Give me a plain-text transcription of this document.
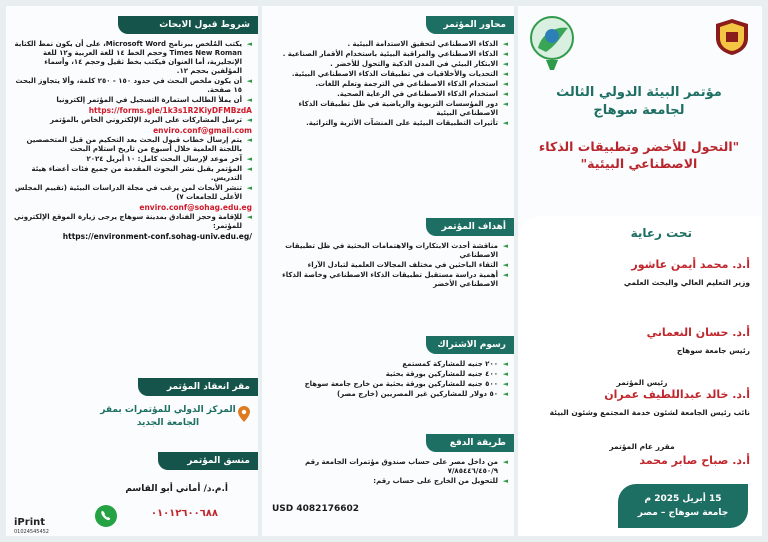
شروط قبول الابحاث
◄ يكتب المُلخص ببرنامج Microsoft Word، على أن يكون نمط الكتابة Times New Roman وحجم الخط ١٤ للغة العربية و١٢ للغة الإنجليزية، أما العنوان فيكتب بخط ثقيل وحجم ١٤، وأسماء المؤلفين بحجم ١٢.
◄ أن يكون ملخص البحث في حدود ١٥٠ - ٢٥٠ كلمة، وألا يتجاوز البحث ١٥ صفحة.
◄ أن يملأ الطالب استمارة التسجيل في المؤتمر إلكترونيا
https://forms.gle/1k3s1R2KiyDFMBzdA
◄ ترسل المشاركات على البريد الإلكتروني الخاص بالمؤتمر
enviro.conf@gmail.com
◄ يتم إرسال خطاب قبول البحث بعد التحكيم من قبل المتخصصين باللجنة العلمية خلال أسبوع من تاريخ استلام البحث
◄ آخر موعد لإرسال البحث كامل: ١٠ أبريل ٢٠٢٤
◄ المؤتمر يقبل نشر البحوث المقدمة من جميع فئات أعضاء هيئة التدريس.
◄ تنشر الأبحاث لمن يرغب في مجلة الدراسات البيئية (تقييم المجلس الأعلى للجامعات ٧)
enviro.conf@sohag.edu.eg
◄ للإقامة وحجز الفنادق بمدينة سوهاج يرجى زيارة الموقع الإلكتروني للمؤتمر:
https://environment-conf.sohag-univ.edu.eg/
مقر انعقاد المؤتمر
المركز الدولي للمؤتمرات بمقر الجامعة الجديد
منسق المؤتمر
أ.م.د/ أماني أبو القاسم
٠١٠١٢٦٠٠٦٨٨
iPrint
01024545452
محاور المؤتمر
◄ الذكاء الاصطناعي لتحقيق الاستدامة البيئية .
◄ الذكاء الاصطناعي والمراقبة البيئية باستخدام الأقمار الصناعية .
◄ الابتكار البيئي في المدن الذكية والتحول للأخضر .
◄ التحديات والأخلاقيات في تطبيقات الذكاء الاصطناعي البيئية.
◄ استخدام الذكاء الاصطناعي في الترجمة وتعلم اللغات.
◄ استخدام الذكاء الاصطناعي في الرعاية الصحية.
◄ دور المؤسسات التربوية والرياضية في ظل تطبيقات الذكاء الاصطناعي البيئية
◄ تأثيرات التطبيقات البيئية على المنشآت الأثرية والتراثية.
أهداف المؤتمر
◄ مناقشة أحدث الابتكارات والاهتمامات البحثية في ظل تطبيقات الاصطناعي
◄ التقاء الباحثين في مختلف المجالات العلمية لتبادل الآراء
◄ أهمية دراسة مستقبل تطبيقات الذكاء الاصطناعي وخاصة الذكاء الاصطناعي الأخضر
رسوم الاشتراك
◄ ٢٠٠ جنيه للمشاركة كمستمع
◄ ٤٠٠ جنيه للمشاركين بورقة بحثية
◄ ٥٠٠ جنيه للمشاركين بورقة بحثية من خارج جامعة سوهاج
◄ ٥٠ دولار للمشاركين غير المصريين (خارج مصر)
طريقة الدفع
◄ من داخل مصر على حساب صندوق مؤتمرات الجامعة رقم ٧/٨٥٤٤٦/٤٥٠/٩
◄ للتحويل من الخارج على حساب رقم:
USD 4082176602
مؤتمر البيئة الدولي الثالث لجامعة سوهاج
"التحول للأخضر وتطبيقات الذكاء الاصطناعي البيئية"
تحت رعاية
أ.د. محمد أيمن عاشور
وزير التعليم العالي والبحث العلمي
أ.د. حسان النعماني
رئيس جامعة سوهاج
رئيس المؤتمر
أ.د. خالد عبداللطيف عمران
نائب رئيس الجامعة لشئون خدمة المجتمع وشئون البيئة
مقرر عام المؤتمر
أ.د. صباح صابر محمد
15 أبريل 2025 م
جامعة سوهاج – مصر
